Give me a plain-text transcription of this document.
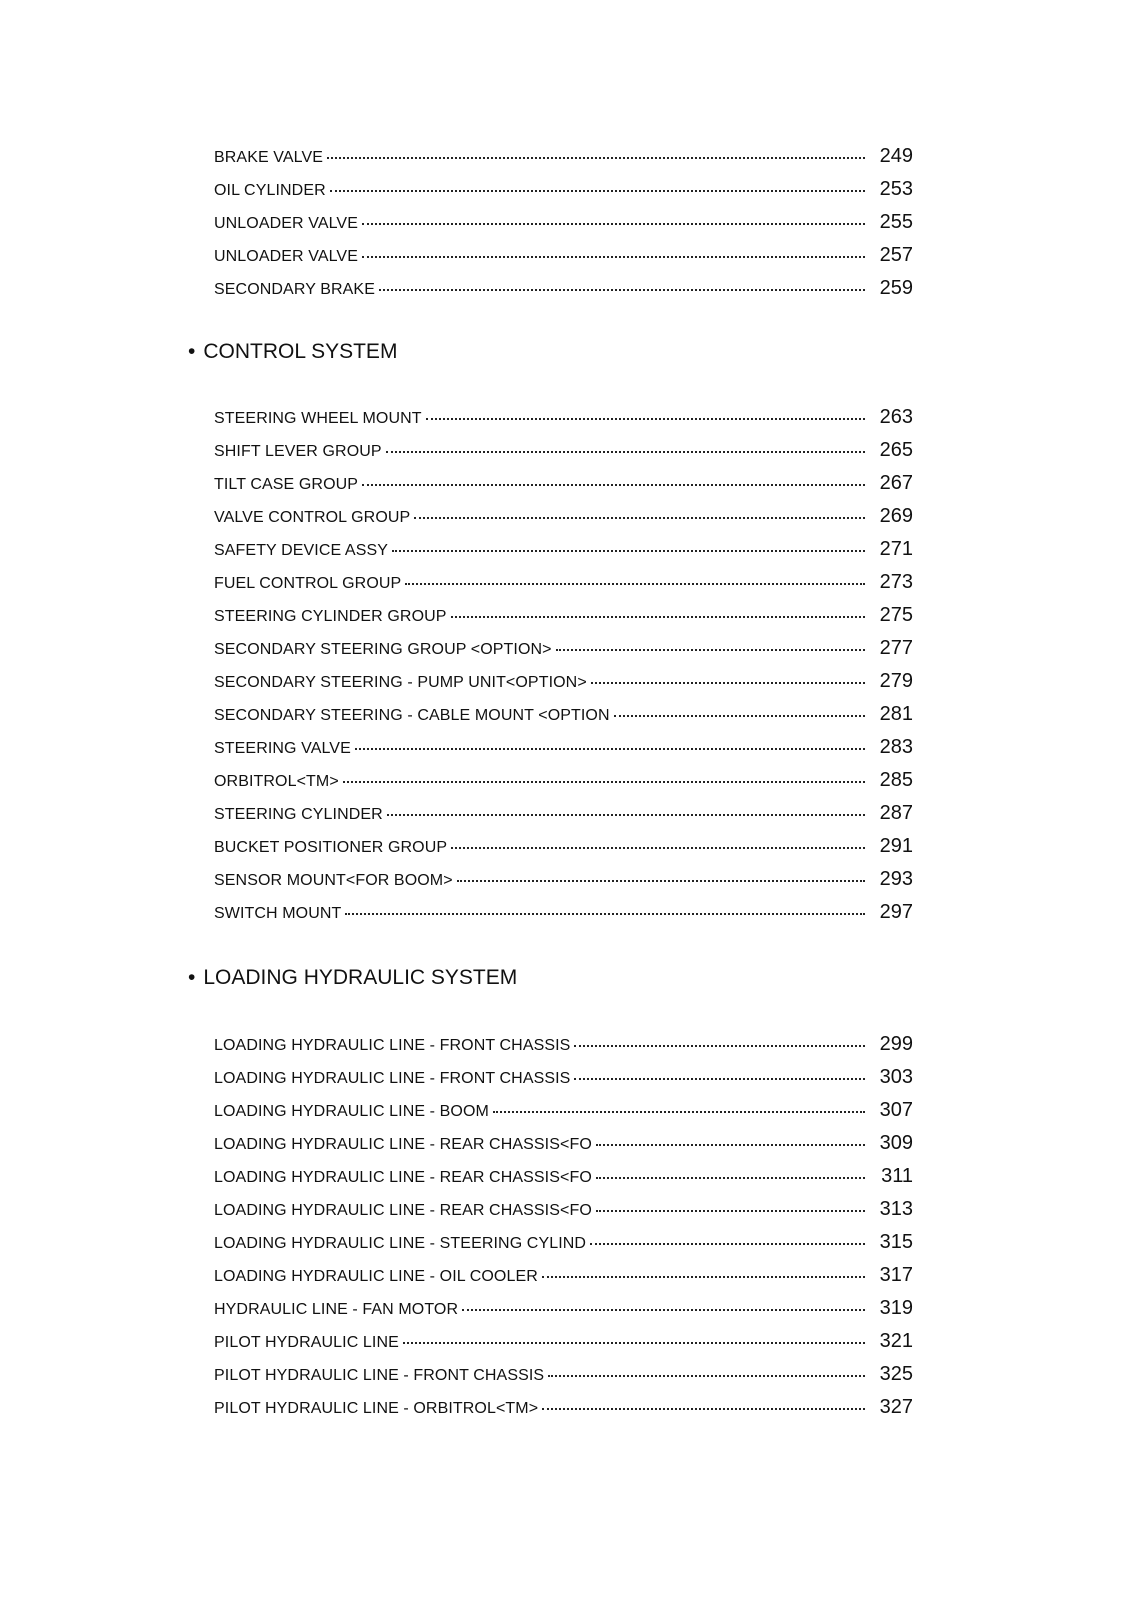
BRAKE VALVE	249
OIL CYLINDER	253
UNLOADER VALVE	255
UNLOADER VALVE	257
SECONDARY BRAKE	259
• CONTROL SYSTEM
STEERING WHEEL MOUNT	263
SHIFT LEVER GROUP	265
TILT CASE GROUP	267
VALVE CONTROL GROUP	269
SAFETY DEVICE ASSY	271
FUEL CONTROL GROUP	273
STEERING CYLINDER GROUP	275
SECONDARY STEERING GROUP <OPTION>	277
SECONDARY STEERING - PUMP UNIT<OPTION>	279
SECONDARY STEERING - CABLE MOUNT <OPTION	281
STEERING VALVE	283
ORBITROL<TM>	285
STEERING CYLINDER	287
BUCKET POSITIONER GROUP	291
SENSOR MOUNT<FOR BOOM>	293
SWITCH MOUNT	297
• LOADING HYDRAULIC SYSTEM
LOADING HYDRAULIC LINE - FRONT CHASSIS	299
LOADING HYDRAULIC LINE - FRONT CHASSIS	303
LOADING HYDRAULIC LINE - BOOM	307
LOADING HYDRAULIC LINE - REAR CHASSIS<FO	309
LOADING HYDRAULIC LINE - REAR CHASSIS<FO	311
LOADING HYDRAULIC LINE - REAR CHASSIS<FO	313
LOADING HYDRAULIC LINE - STEERING CYLIND	315
LOADING HYDRAULIC LINE - OIL COOLER	317
HYDRAULIC LINE - FAN MOTOR	319
PILOT HYDRAULIC LINE	321
PILOT HYDRAULIC LINE - FRONT CHASSIS	325
PILOT HYDRAULIC LINE - ORBITROL<TM>	327
